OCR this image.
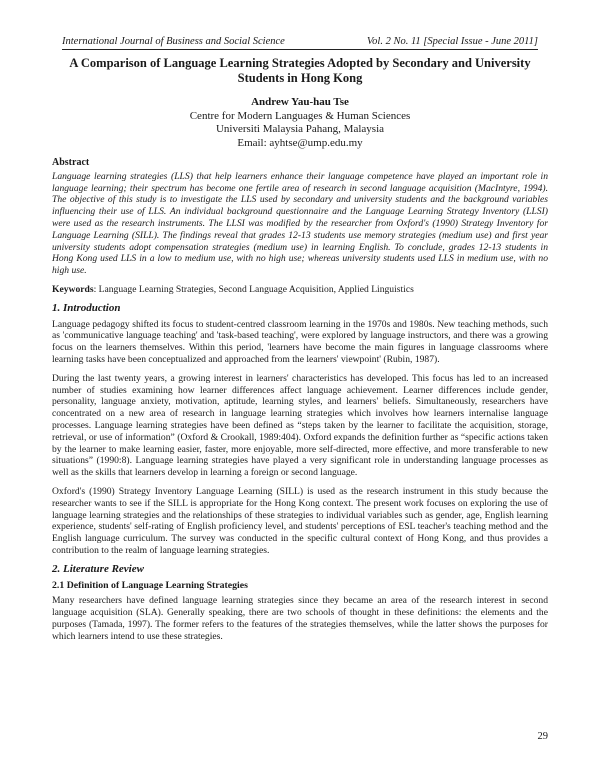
International Journal of Business and Social Science	Vol. 2 No. 11 [Special Issue - June 2011]
A Comparison of Language Learning Strategies Adopted by Secondary and University Students in Hong Kong
Andrew Yau-hau Tse
Centre for Modern Languages & Human Sciences
Universiti Malaysia Pahang, Malaysia
Email: ayhtse@ump.edu.my
Abstract

Language learning strategies (LLS) that help learners enhance their language competence have played an important role in language learning; their spectrum has become one fertile area of research in second language acquisition (MacIntyre, 1994). The objective of this study is to investigate the LLS used by secondary and university students and the background variables influencing their use of LLS. An individual background questionnaire and the Language Learning Strategy Inventory (LLSI) were used as the research instruments. The LLSI was modified by the researcher from Oxford's (1990) Strategy Inventory for Language Learning (SILL). The findings reveal that grades 12-13 students use memory strategies (medium use) and first year university students adopt compensation strategies (medium use) in learning English. To conclude, grades 12-13 students in Hong Kong used LLS in a low to medium use, with no high use; whereas university students used LLS in medium use, with no high use.

Keywords: Language Learning Strategies, Second Language Acquisition, Applied Linguistics

1. Introduction

Language pedagogy shifted its focus to student-centred classroom learning in the 1970s and 1980s. New teaching methods, such as 'communicative language teaching' and 'task-based teaching', were explored by language instructors, and there was a growing focus on the learners themselves. Within this period, 'learners have become the main figures in language classrooms where learning tasks have been conceptualized and approached from the learners' viewpoint' (Rubin, 1987).

During the last twenty years, a growing interest in learners' characteristics has developed. This focus has led to an increased number of studies examining how learner differences affect language achievement. Learner differences include gender, personality, language anxiety, motivation, aptitude, learning styles, and learners' beliefs. Simultaneously, researchers have concentrated on a new area of research in language learning strategies which involves how learners internalise language processes. Language learning strategies have been defined as “steps taken by the learner to facilitate the acquisition, storage, retrieval, or use of information” (Oxford & Crookall, 1989:404). Oxford expands the definition further as “specific actions taken by the learner to make learning easier, faster, more enjoyable, more self-directed, more effective, and more transferable to new situations” (1990:8). Language learning strategies have played a very significant role in understanding language processes as well as the skills that learners develop in learning a foreign or second language.

Oxford's (1990) Strategy Inventory Language Learning (SILL) is used as the research instrument in this study because the researcher wants to see if the SILL is appropriate for the Hong Kong context. The present work focuses on exploring the use of language learning strategies and the relationships of these strategies to individual variables such as gender, age, English learning experience, students' self-rating of English proficiency level, and students' perceptions of ESL teacher's teaching method and the English language curriculum. The survey was conducted in the specific cultural context of Hong Kong, and thus provides a contribution to the realm of language learning strategies.

2. Literature Review
2.1 Definition of Language Learning Strategies

Many researchers have defined language learning strategies since they became an area of the research interest in second language acquisition (SLA). Generally speaking, there are two schools of thought in these definitions: the elements and the purposes (Tamada, 1997). The former refers to the features of the strategies themselves, while the latter shows the purposes for which learners intend to use these strategies.

29
